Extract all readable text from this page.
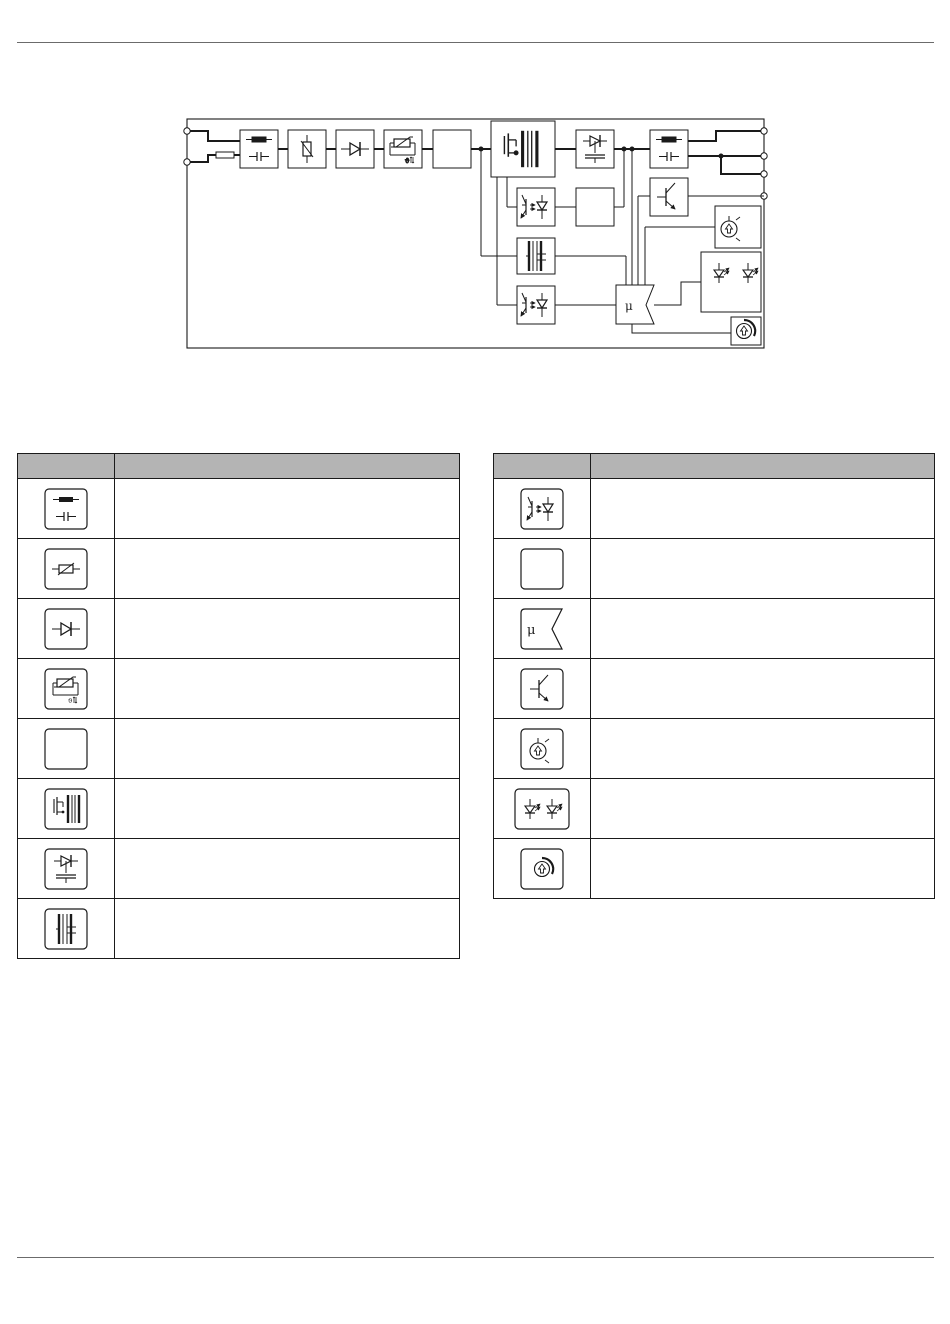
μ

μ	
